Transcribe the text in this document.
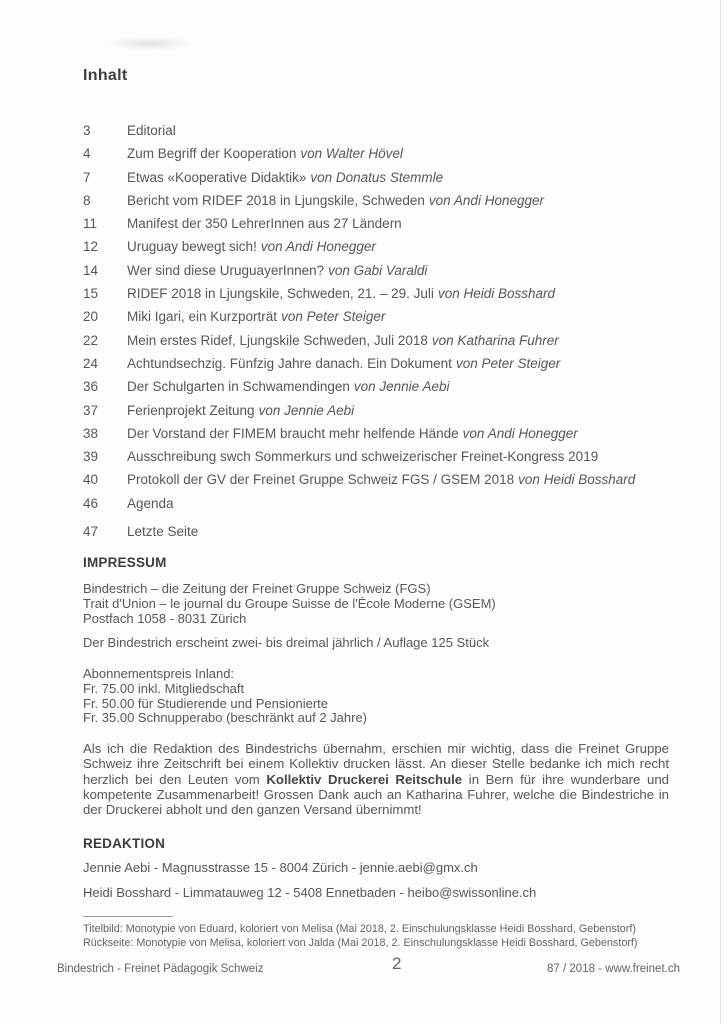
Inhalt
3	Editorial
4	Zum Begriff der Kooperation von Walter Hövel
7	Etwas «Kooperative Didaktik» von Donatus Stemmle
8	Bericht vom RIDEF 2018 in Ljungskile, Schweden von Andi Honegger
11	Manifest der 350 LehrerInnen aus 27 Ländern
12	Uruguay bewegt sich! von Andi Honegger
14	Wer sind diese UruguayerInnen? von Gabi Varaldi
15	RIDEF 2018 in Ljungskile, Schweden, 21. – 29. Juli von Heidi Bosshard
20	Miki Igari, ein Kurzporträt von Peter Steiger
22	Mein erstes Ridef, Ljungskile Schweden, Juli 2018 von Katharina Fuhrer
24	Achtundsechzig. Fünfzig Jahre danach. Ein Dokument von Peter Steiger
36	Der Schulgarten in Schwamendingen von Jennie Aebi
37	Ferienprojekt Zeitung von Jennie Aebi
38	Der Vorstand der FIMEM braucht mehr helfende Hände von Andi Honegger
39	Ausschreibung swch Sommerkurs und schweizerischer Freinet-Kongress 2019
40	Protokoll der GV der Freinet Gruppe Schweiz FGS / GSEM 2018 von Heidi Bosshard
46	Agenda
47	Letzte Seite
IMPRESSUM
Bindestrich – die Zeitung der Freinet Gruppe Schweiz (FGS)
Trait d'Union – le journal du Groupe Suisse de l'École Moderne (GSEM)
Postfach 1058 - 8031 Zürich
Der Bindestrich erscheint zwei- bis dreimal jährlich / Auflage 125 Stück
Abonnementspreis Inland:
Fr. 75.00 inkl. Mitgliedschaft
Fr. 50.00 für Studierende und Pensionierte
Fr. 35.00 Schnupperabo (beschränkt auf 2 Jahre)

Als ich die Redaktion des Bindestrichs übernahm, erschien mir wichtig, dass die Freinet Gruppe Schweiz ihre Zeitschrift bei einem Kollektiv drucken lässt. An dieser Stelle bedanke ich mich recht herzlich bei den Leuten vom Kollektiv Druckerei Reitschule in Bern für ihre wunderbare und kompetente Zusammenarbeit! Grossen Dank auch an Katharina Fuhrer, welche die Bindestriche in der Druckerei abholt und den ganzen Versand übernimmt!

REDAKTION
Jennie Aebi - Magnusstrasse 15 - 8004 Zürich - jennie.aebi@gmx.ch
Heidi Bosshard - Limmatauweg 12 - 5408 Ennetbaden - heibo@swissonline.ch
Titelbild: Monotypie von Eduard, koloriert von Melisa (Mai 2018, 2. Einschulungsklasse Heidi Bosshard, Gebenstorf)
Rückseite: Monotypie von Melisa, koloriert von Jalda (Mai 2018, 2. Einschulungsklasse Heidi Bosshard, Gebenstorf)
Bindestrich - Freinet Pädagogik Schweiz	2	87 / 2018 - www.freinet.ch
